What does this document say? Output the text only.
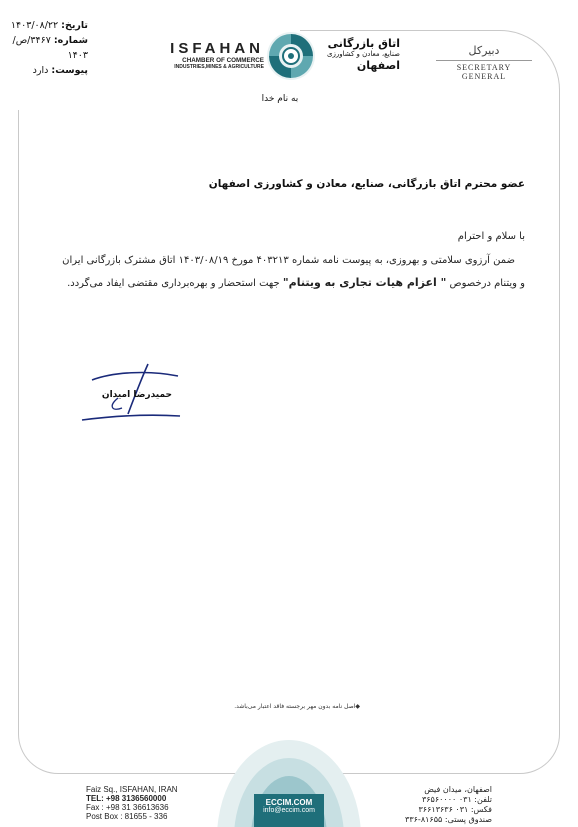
تاریخ: ۱۴۰۳/۰۸/۲۲
شماره: ۳۴۶۷/ص/۱۴۰۳
پیوست: دارد
ISFAHAN
CHAMBER OF COMMERCE
INDUSTRIES,MINES & AGRICULTURE
اتاق بازرگانی
صنایع، معادن و کشاورزی
اصفهان
دبیرکل
SECRETARY GENERAL
به نام خدا
عضو محترم اتاق بازرگانی، صنایع، معادن و کشاورزی اصفهان
با سلام و احترام
ضمن آرزوی سلامتی و بهروزی، به پیوست نامه شماره ۴۰۳۲۱۳ مورخ ۱۴۰۳/۰۸/۱۹ اتاق مشترک بازرگانی ایران و ویتنام درخصوص " اعزام هیات تجاری به ویتنام" جهت استحضار و بهره‌برداری مقتضی ایفاد می‌گردد.
حمیدرضا امیدان
◆اصل نامه بدون مهر برجسته فاقد اعتبار می‌باشد.
ECCIM.COM
info@eccim.com
Faiz Sq., ISFAHAN, IRAN
TEL: +98 3136560000
Fax : +98 31 36613636
Post Box : 81655 - 336
اصفهان، میدان فیض
تلفن: ۰۳۱ ۳۶۵۶۰۰۰۰
فکس: ۰۳۱ ۳۶۶۱۳۶۳۶
صندوق پستی: ۸۱۶۵۵-۳۳۶
